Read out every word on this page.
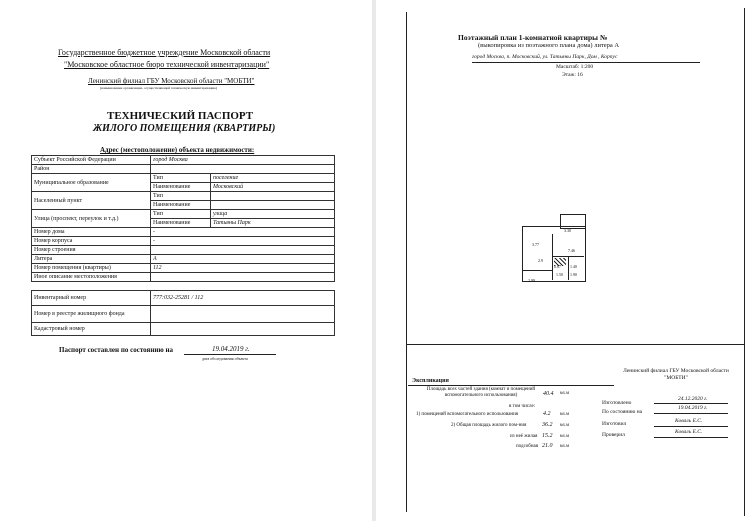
Государственное бюджетное учреждение Московской области
"Московское областное бюро технической инвентаризации"
Ленинский филиал ГБУ Московской области "МОБТИ"
(наименование организации, осуществляющей техническую инвентаризацию)
ТЕХНИЧЕСКИЙ ПАСПОРТ
ЖИЛОГО ПОМЕЩЕНИЯ (КВАРТИРЫ)
Адрес (местоположение) объекта недвижимости:
Субъект Российской Федерации	город Москва	
Район		
Муниципальное образование	Тип	поселение
	Наименование	Московский
Населенный пункт	Тип	
	Наименование	
Улица (проспект, переулок и т.д.)	Тип	улица
	Наименование	Татьяны Парк
Номер дома	-	
Номер корпуса	-	
Номер строения		
Литера	А	
Номер помещения (квартиры)	112	
Иное описание местоположения		
Инвентарный номер	777:032-25281 / 112
Номер в реестре жилищного фонда	
Кадастровый номер	
Паспорт составлен по состоянию на	19.04.2019 г.
дата обследования объекта
Поэтажный план 1-комнатной квартиры №
(выкопировка из поэтажного плана дома) литера А
город Москва, п. Московский, ул. Татьяны Парк, Дом , Корпус
Масштаб: 1:200
Этаж: 16
3.30
3.77
7.46
0.87 1.40
1.90
2.99
1.50
2.9
Экспликация
Площадь всех частей здания (комнат и помещений вспомогательного использования)	40.4 кв.м
в том числе:
1) помещений вспомогательного использования	4.2 кв.м
2) Общая площадь жилого пом-ния	36.2 кв.м
из неё жилая 15.2 кв.м
подсобная 21.0 кв.м
Ленинский филиал ГБУ Московской области "МОБТИ"
Изготовлено
24.12.2020 г.
По состоянию на
19.04.2019 г.
Изготовил	Коваль Е.С.
Проверил	Коваль Е.С.
